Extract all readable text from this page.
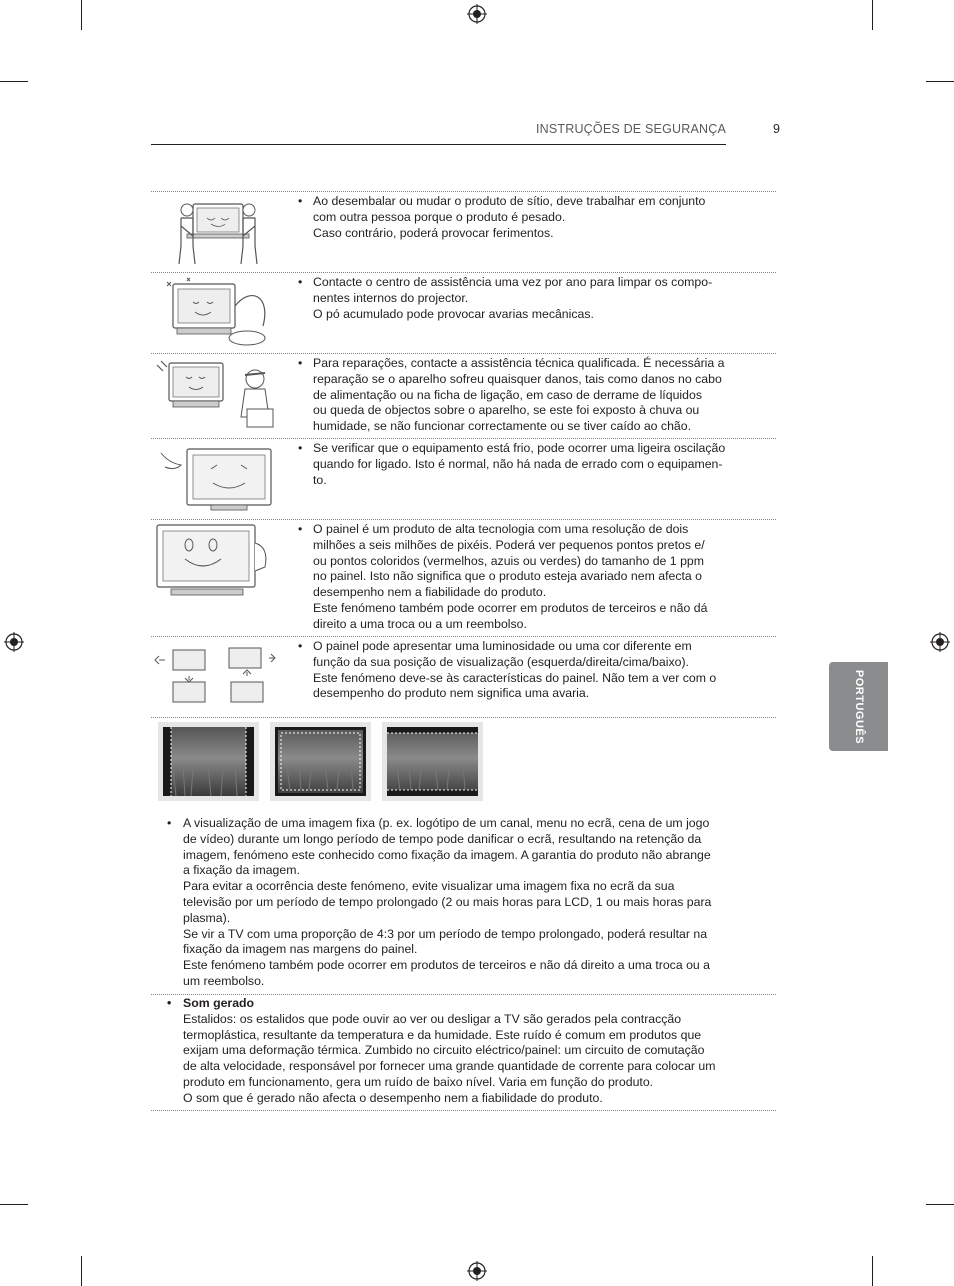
INSTRUÇÕES DE SEGURANÇA	9
PORTUGUÊS
• Ao desembalar ou mudar o produto de sítio, deve trabalhar em conjunto
com outra pessoa porque o produto é pesado.
Caso contrário, poderá provocar ferimentos.

• Contacte o centro de assistência uma vez por ano para limpar os compo-
nentes internos do projector.
O pó acumulado pode provocar avarias mecânicas.

• Para reparações, contacte a assistência técnica qualificada. É necessária a
reparação se o aparelho sofreu quaisquer danos, tais como danos no cabo
de alimentação ou na ficha de ligação, em caso de derrame de líquidos
ou queda de objectos sobre o aparelho, se este foi exposto à chuva ou
humidade, se não funcionar correctamente ou se tiver caído ao chão.

• Se verificar que o equipamento está frio, pode ocorrer uma ligeira oscilação
quando for ligado. Isto é normal, não há nada de errado com o equipamen-
to.

• O painel é um produto de alta tecnologia com uma resolução de dois
milhões a seis milhões de pixéis. Poderá ver pequenos pontos pretos e/
ou pontos coloridos (vermelhos, azuis ou verdes) do tamanho de 1 ppm
no painel. Isto não significa que o produto esteja avariado nem afecta o
desempenho nem a fiabilidade do produto.
Este fenómeno também pode ocorrer em produtos de terceiros e não dá
direito a uma troca ou a um reembolso.

• O painel pode apresentar uma luminosidade ou uma cor diferente em
função da sua posição de visualização (esquerda/direita/cima/baixo).
Este fenómeno deve-se às características do painel. Não tem a ver com o
desempenho do produto nem significa uma avaria.

• A visualização de uma imagem fixa (p. ex. logótipo de um canal, menu no ecrã, cena de um jogo
de vídeo) durante um longo período de tempo pode danificar o ecrã, resultando na retenção da
imagem, fenómeno este conhecido como fixação da imagem. A garantia do produto não abrange
a fixação da imagem.
Para evitar a ocorrência deste fenómeno, evite visualizar uma imagem fixa no ecrã da sua
televisão por um período de tempo prolongado (2 ou mais horas para LCD, 1 ou mais horas para
plasma).
Se vir a TV com uma proporção de 4:3 por um período de tempo prolongado, poderá resultar na
fixação da imagem nas margens do painel.
Este fenómeno também pode ocorrer em produtos de terceiros e não dá direito a uma troca ou a
um reembolso.

• Som gerado
Estalidos: os estalidos que pode ouvir ao ver ou desligar a TV são gerados pela contracção
termoplástica, resultante da temperatura e da humidade. Este ruído é comum em produtos que
exijam uma deformação térmica. Zumbido no circuito eléctrico/painel: um circuito de comutação
de alta velocidade, responsável por fornecer uma grande quantidade de corrente para colocar um
produto em funcionamento, gera um ruído de baixo nível. Varia em função do produto.
O som que é gerado não afecta o desempenho nem a fiabilidade do produto.
